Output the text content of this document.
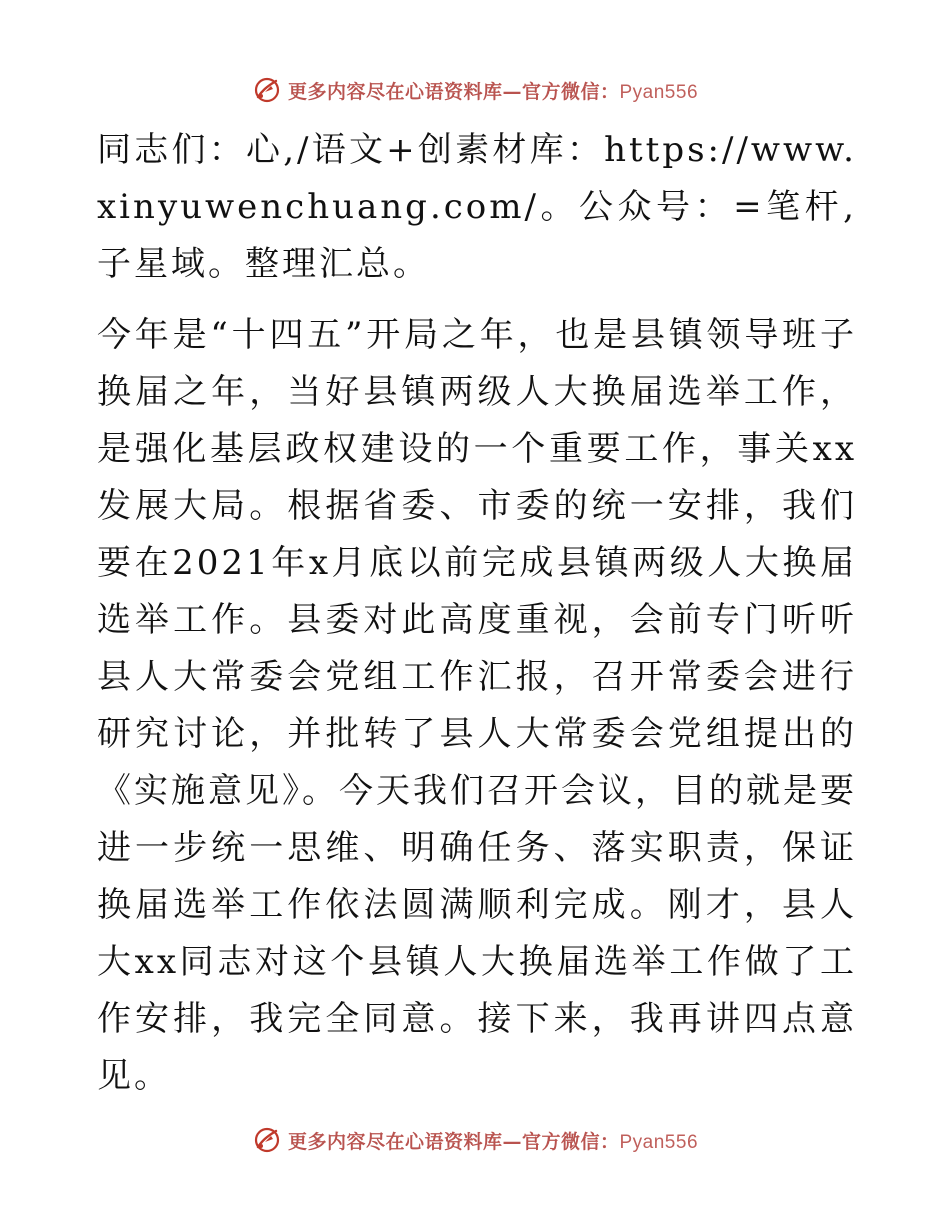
更多内容尽在心语资料库—官方微信：Pyan556

同志们：心,/语文+创素材库：https://www.xinyuwenchuang.com/。公众号：=笔杆,子星域。整理汇总。

今年是“十四五”开局之年，也是县镇领导班子换届之年，当好县镇两级人大换届选举工作，是强化基层政权建设的一个重要工作，事关xx发展大局。根据省委、市委的统一安排，我们要在2021年x月底以前完成县镇两级人大换届选举工作。县委对此高度重视，会前专门听听县人大常委会党组工作汇报，召开常委会进行研究讨论，并批转了县人大常委会党组提出的《实施意见》。今天我们召开会议，目的就是要进一步统一思维、明确任务、落实职责，保证换届选举工作依法圆满顺利完成。刚才，县人大xx同志对这个县镇人大换届选举工作做了工作安排，我完全同意。接下来，我再讲四点意见。

更多内容尽在心语资料库—官方微信：Pyan556
